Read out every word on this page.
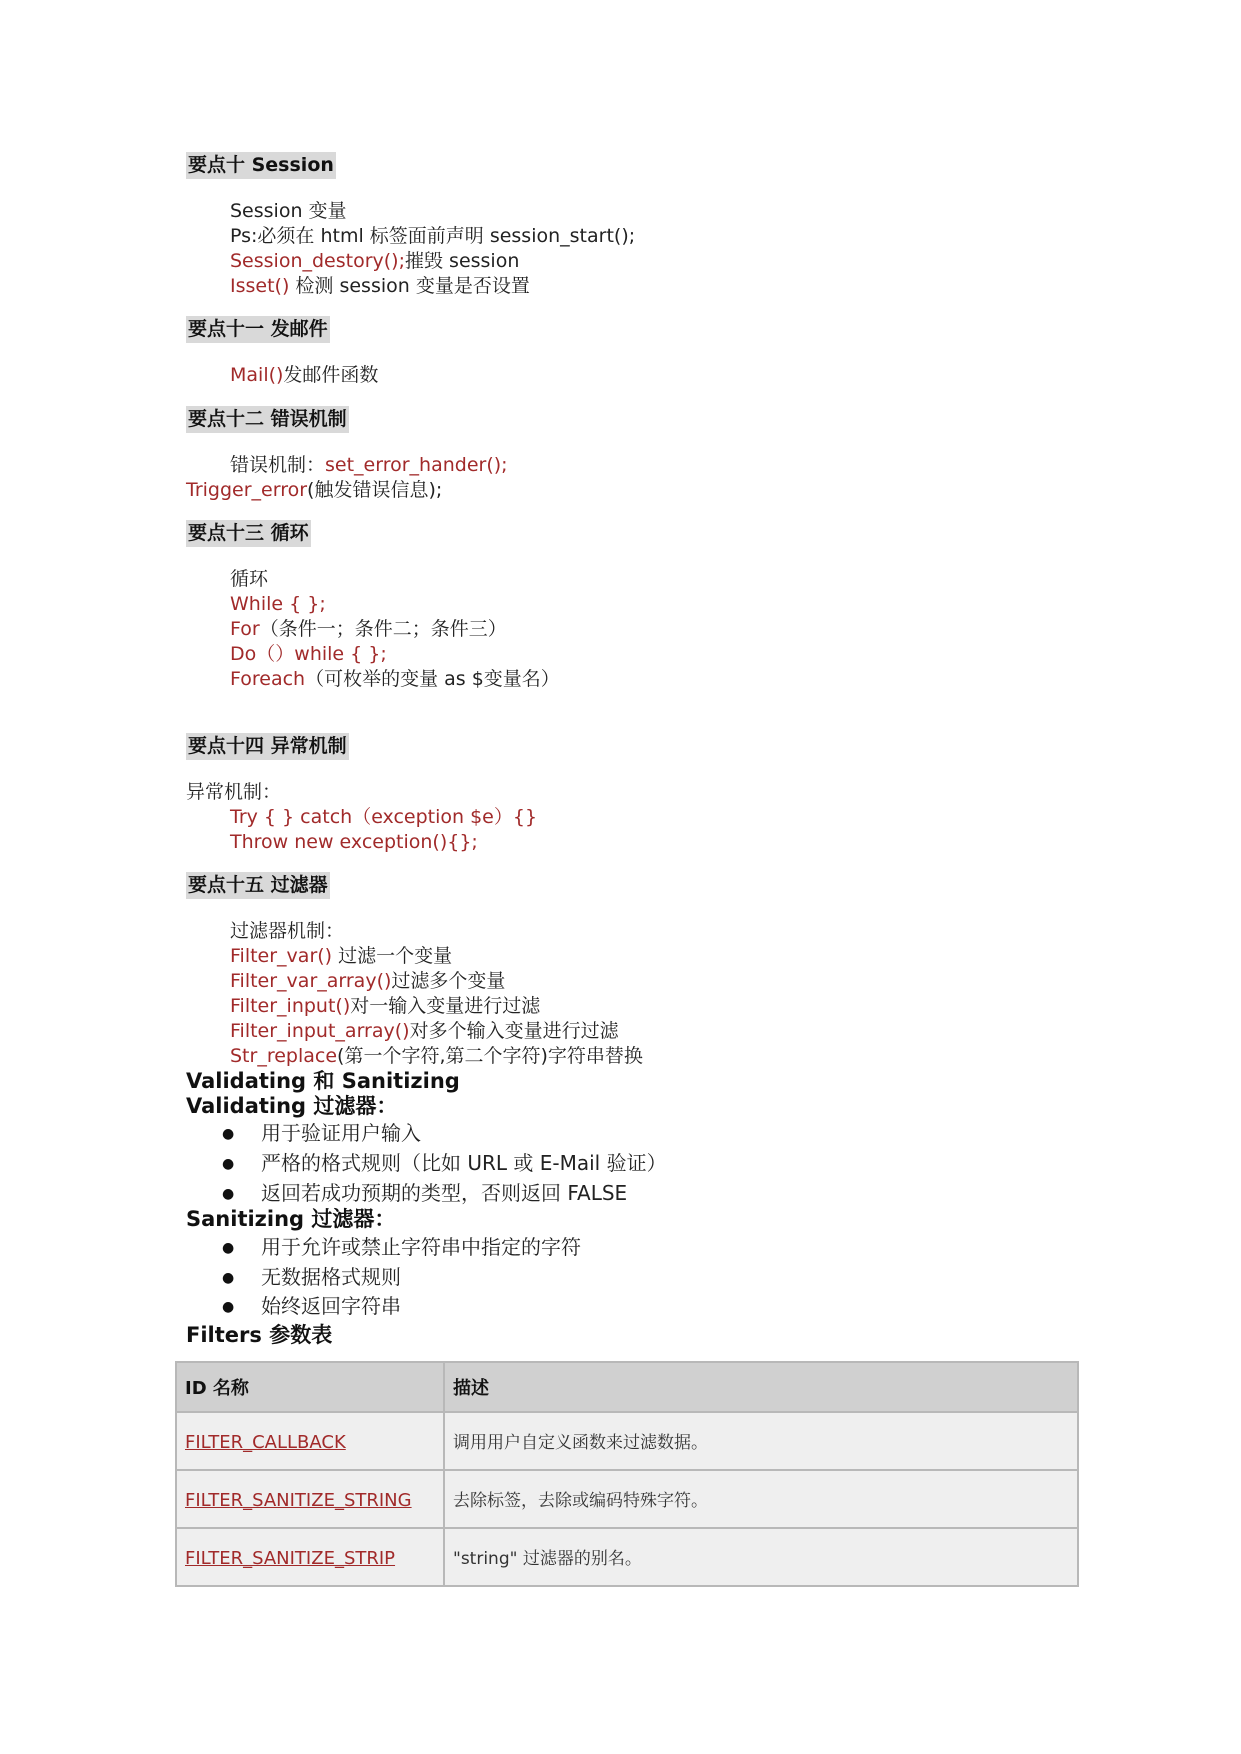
要点十 Session
Session 变量
Ps:必须在 html 标签面前声明 session_start();
Session_destory();摧毁 session
Isset() 检测 session 变量是否设置
要点十一 发邮件
Mail()发邮件函数
要点十二 错误机制
错误机制：set_error_hander();
Trigger_error(触发错误信息);
要点十三 循环
循环
While { };
For（条件一；条件二；条件三）
Do（）while { };
Foreach（可枚举的变量 as $变量名）
要点十四 异常机制
异常机制：
Try { } catch（exception $e）{}
Throw new exception(){};
要点十五 过滤器
过滤器机制：
Filter_var() 过滤一个变量
Filter_var_array()过滤多个变量
Filter_input()对一输入变量进行过滤
Filter_input_array()对多个输入变量进行过滤
Str_replace(第一个字符,第二个字符)字符串替换
Validating 和 Sanitizing
Validating 过滤器：
● 用于验证用户输入
● 严格的格式规则（比如 URL 或 E-Mail 验证）
● 返回若成功预期的类型，否则返回 FALSE
Sanitizing 过滤器：
● 用于允许或禁止字符串中指定的字符
● 无数据格式规则
● 始终返回字符串
Filters 参数表
ID 名称	描述
FILTER_CALLBACK	调用用户自定义函数来过滤数据。
FILTER_SANITIZE_STRING	去除标签，去除或编码特殊字符。
FILTER_SANITIZE_STRIP	"string" 过滤器的别名。
